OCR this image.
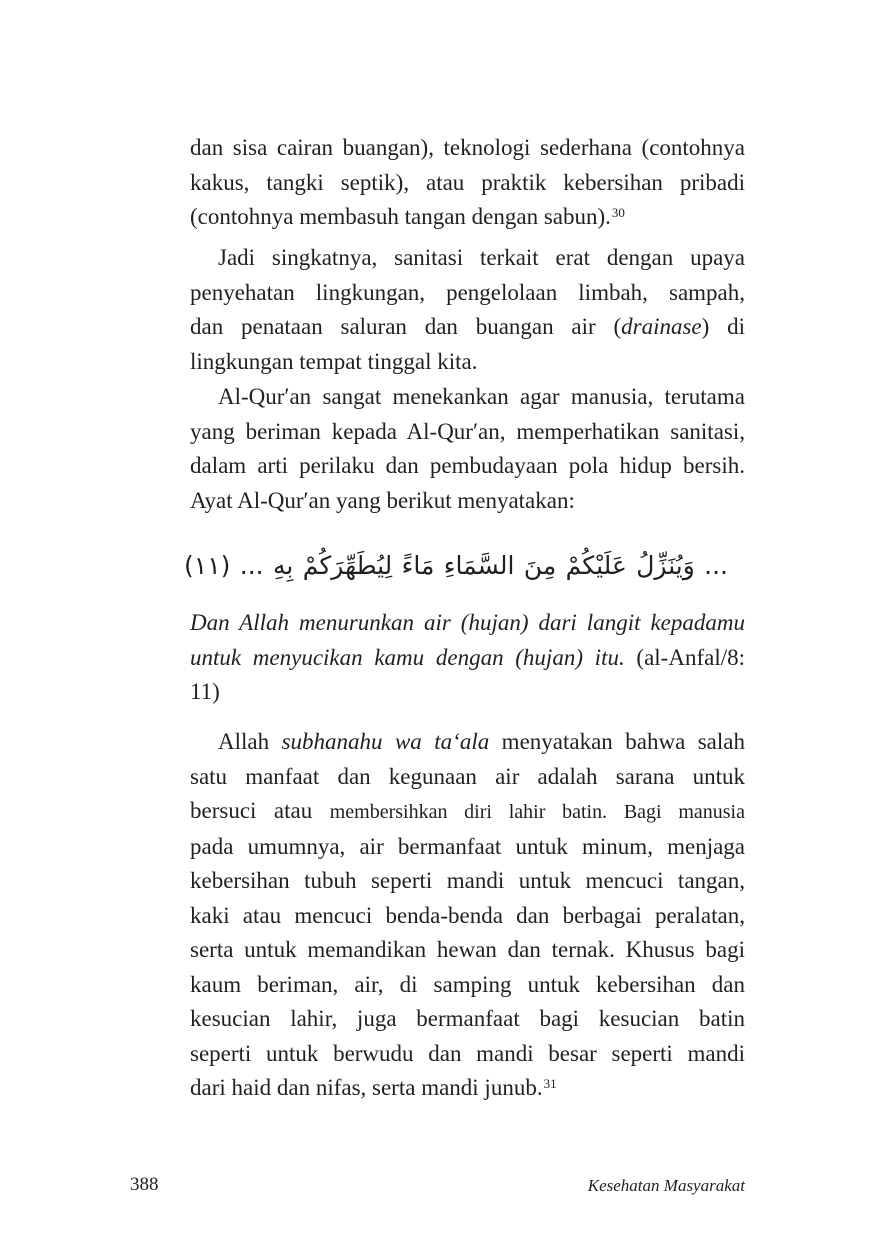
dan sisa cairan buangan), teknologi sederhana (contohnya
kakus, tangki septik), atau praktik kebersihan pribadi
(contohnya membasuh tangan dengan sabun).$^{30}$
Jadi singkatnya, sanitasi terkait erat dengan upaya
penyehatan lingkungan, pengelolaan limbah, sampah,
dan penataan saluran dan buangan air (drainase) di
lingkungan tempat tinggal kita.
Al-Qur′an sangat menekankan agar manusia, terutama
yang beriman kepada Al-Qur′an, memperhatikan sanitasi,
dalam arti perilaku dan pembudayaan pola hidup bersih.
Ayat Al-Qur′an yang berikut menyatakan:
... وَيُنَزِّلُ عَلَيْكُمْ مِنَ السَّمَاءِ مَاءً لِيُطَهِّرَكُمْ بِهِ ... (١١)
Dan Allah menurunkan air (hujan) dari langit kepadamu
untuk menyucikan kamu dengan (hujan) itu. (al-Anfal/8:
11)
Allah subhanahu wa ta‘ala menyatakan bahwa salah
satu manfaat dan kegunaan air adalah sarana untuk
bersuci atau membersihkan diri lahir batin. Bagi manusia
pada umumnya, air bermanfaat untuk minum, menjaga
kebersihan tubuh seperti mandi untuk mencuci tangan,
kaki atau mencuci benda-benda dan berbagai peralatan,
serta untuk memandikan hewan dan ternak. Khusus bagi
kaum beriman, air, di samping untuk kebersihan dan
kesucian lahir, juga bermanfaat bagi kesucian batin
seperti untuk berwudu dan mandi besar seperti mandi
dari haid dan nifas, serta mandi junub.$^{31}$
388	Kesehatan Masyarakat
